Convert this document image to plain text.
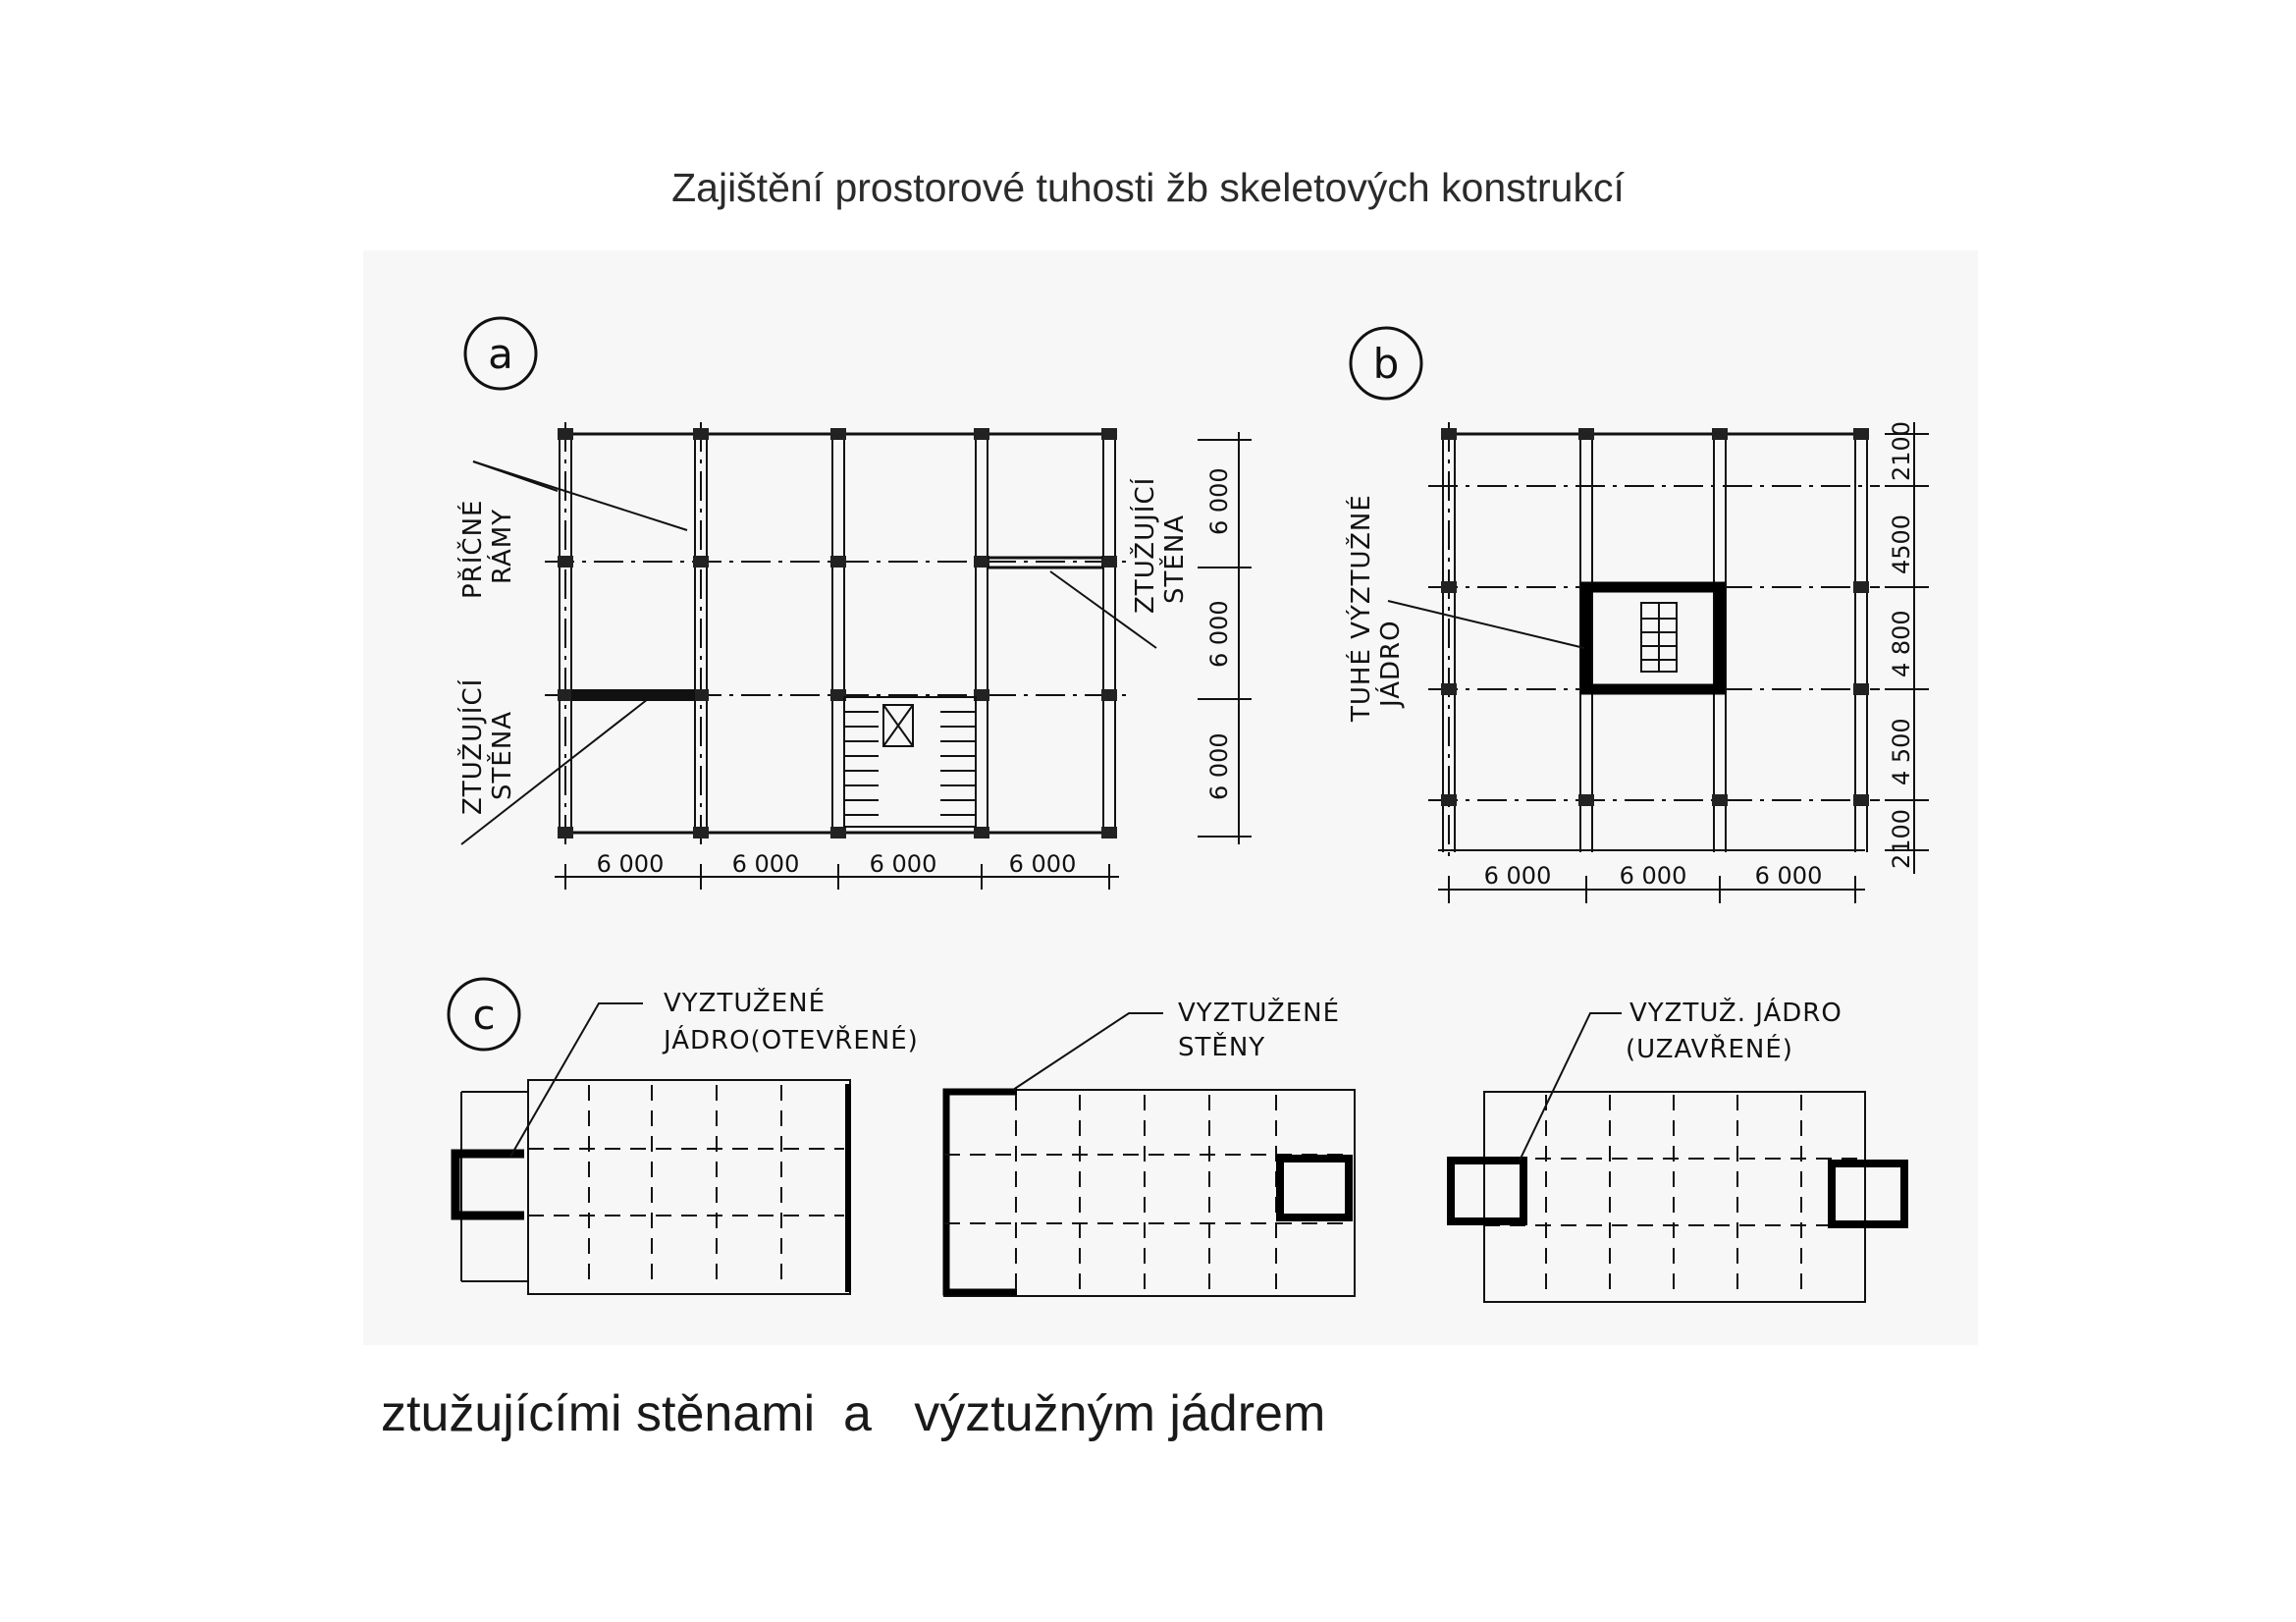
Zajištění prostorové tuhosti žb skeletových konstrukcí
a
PŘÍČNÉ RÁMY
ZTUŽUJÍCÍ STĚNA
ZTUŽUJÍCÍ STĚNA
6 000	6 000	6 000	6 000
6 000
6 000
6 000
b
TUHÉ VÝZTUŽNÉ JÁDRO
6 000	6 000	6 000
2100
4500
4 800
4 500
2100
c	VYZTUŽENÉ
JÁDRO(OTEVŘENÉ)
VYZTUŽENÉ
STĚNY
VYZTUŽ. JÁDRO
(UZAVŘENÉ)
ztužujícími stěnami  a   výztužným jádrem
